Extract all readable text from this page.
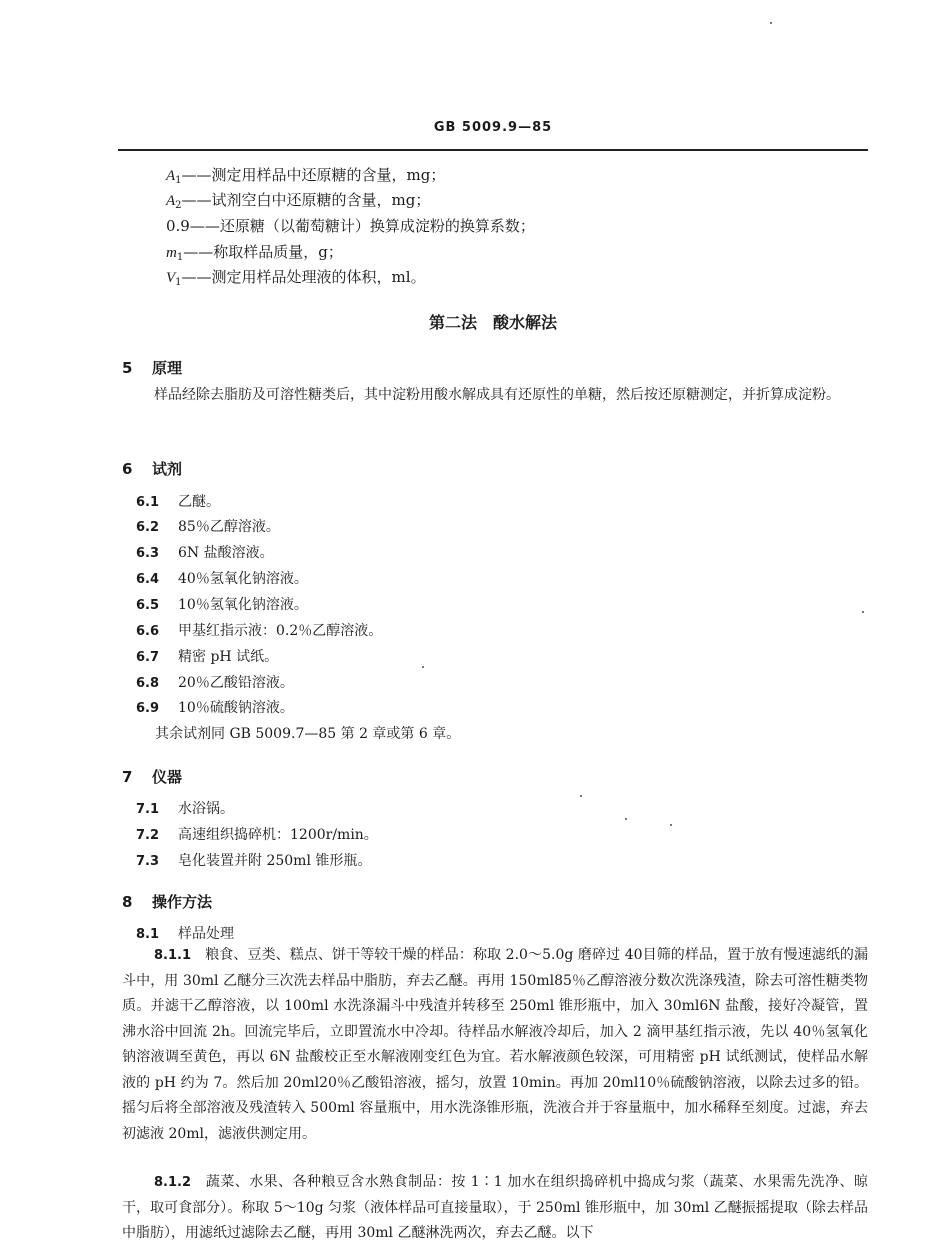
GB 5009.9—85
$A_1——$测定用样品中还原糖的含量，mg；
$A_2——$试剂空白中还原糖的含量，mg；
0.9——还原糖（以葡萄糖计）换算成淀粉的换算系数；
$m_1——$称取样品质量，g；
$V_1——$测定用样品处理液的体积，ml。
第二法　酸水解法
5 原理
样品经除去脂肪及可溶性糖类后，其中淀粉用酸水解成具有还原性的单糖，然后按还原糖测定，并折算成淀粉。
6 试剂
6.1 乙醚。
6.2 85％乙醇溶液。
6.3 6N 盐酸溶液。
6.4 40％氢氧化钠溶液。
6.5 10％氢氧化钠溶液。
6.6 甲基红指示液：0.2％乙醇溶液。
6.7 精密 pH 试纸。
6.8 20％乙酸铅溶液。
6.9 10％硫酸钠溶液。
其余试剂同 GB 5009.7—85 第 2 章或第 6 章。
7 仪器
7.1 水浴锅。
7.2 高速组织捣碎机：1200r/min。
7.3 皂化装置并附 250ml 锥形瓶。
8 操作方法
8.1 样品处理
8.1.1　 粮食、豆类、糕点、饼干等较干燥的样品：称取 2.0～5.0g 磨碎过 40目筛的样品，置于放有慢速滤纸的漏斗中，用 30ml 乙醚分三次洗去样品中脂肪，弃去乙醚。再用 150ml85％乙醇溶液分数次洗涤残渣，除去可溶性糖类物质。并滤干乙醇溶液，以 100ml 水洗涤漏斗中残渣并转移至 250ml 锥形瓶中，加入 30ml6N 盐酸，接好冷凝管，置沸水浴中回流 2h。回流完毕后，立即置流水中冷却。待样品水解液冷却后，加入 2 滴甲基红指示液，先以 40％氢氧化钠溶液调至黄色，再以 6N 盐酸校正至水解液刚变红色为宜。若水解液颜色较深，可用精密 pH 试纸测试，使样品水解液的 pH 约为 7。然后加 20ml20％乙酸铅溶液，摇匀，放置 10min。再加 20ml10％硫酸钠溶液，以除去过多的铅。摇匀后将全部溶液及残渣转入 500ml 容量瓶中，用水洗涤锥形瓶，洗液合并于容量瓶中，加水稀释至刻度。过滤，弃去初滤液 20ml，滤液供测定用。
8.1.2　 蔬菜、水果、各种粮豆含水熟食制品：按 1∶1 加水在组织捣碎机中捣成匀浆（蔬菜、水果需先洗净、晾干，取可食部分）。称取 5～10g 匀浆（液体样品可直接量取），于 250ml 锥形瓶中，加 30ml 乙醚振摇提取（除去样品中脂肪），用滤纸过滤除去乙醚，再用 30ml 乙醚淋洗两次，弃去乙醚。以下
